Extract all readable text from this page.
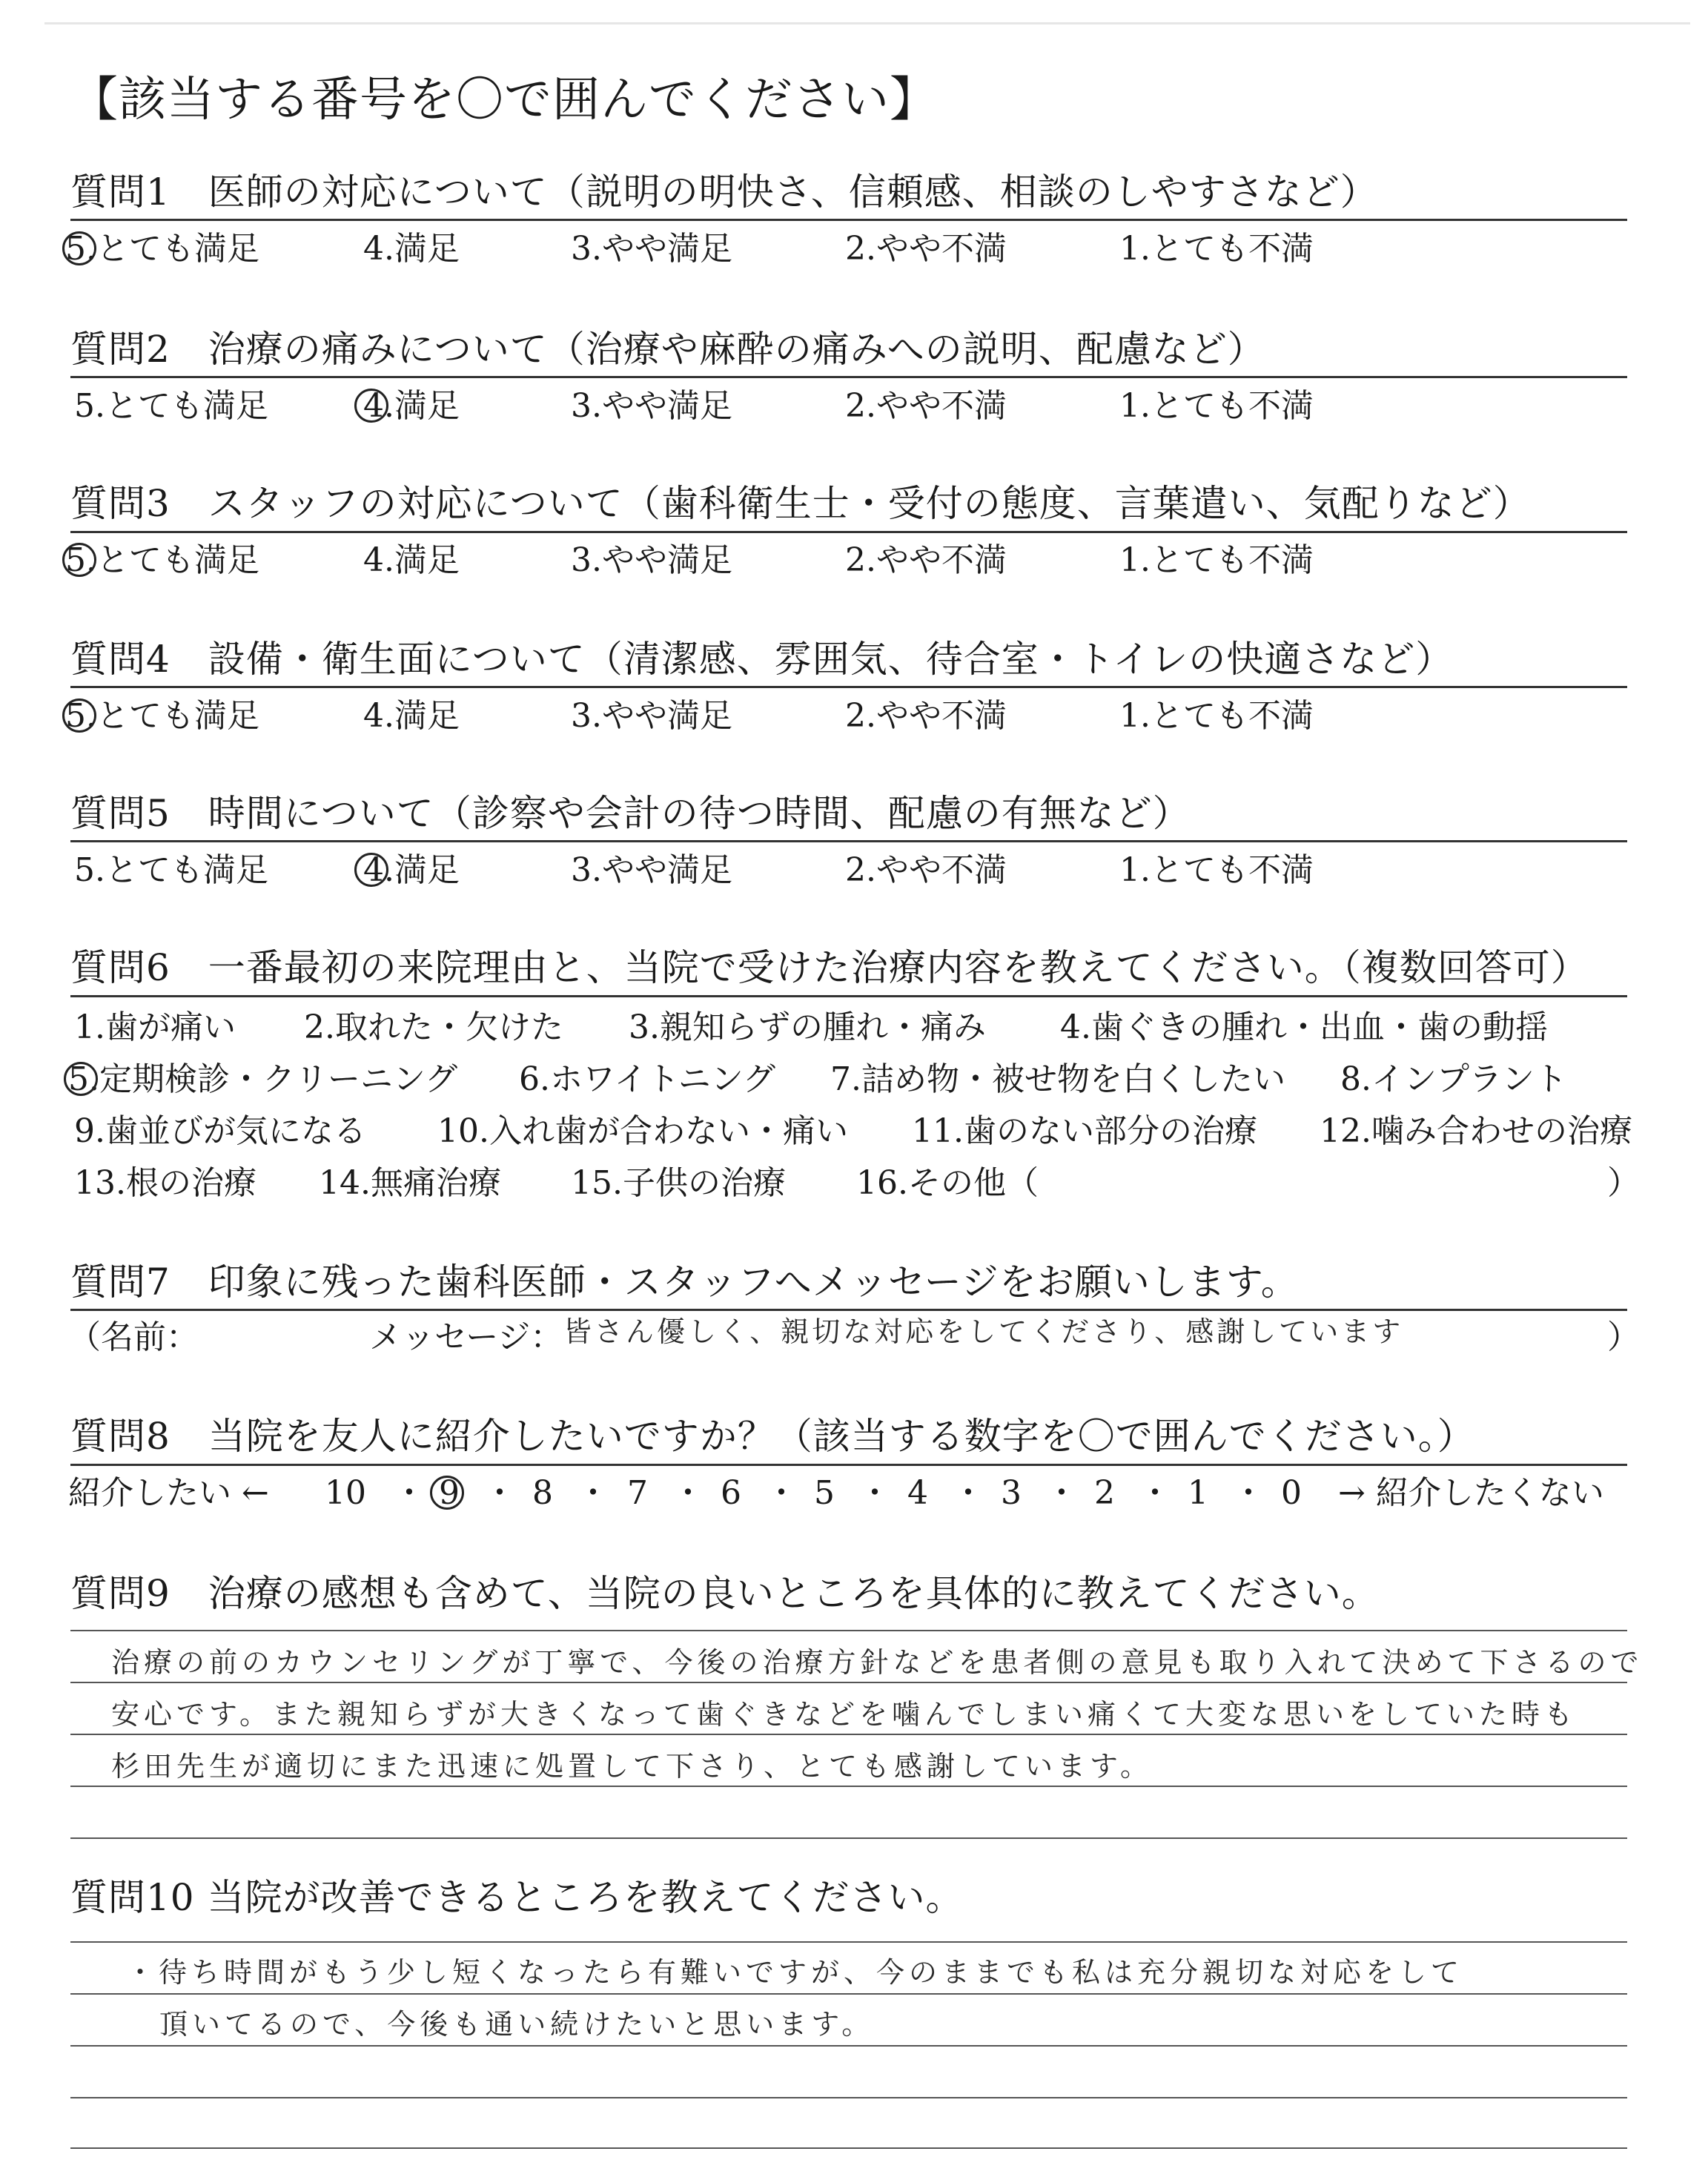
【該当する番号を〇で囲んでください】
質問1　医師の対応について（説明の明快さ、信頼感、相談のしやすさなど）
5.とても満足	4.満足	3.やや満足	2.やや不満	1.とても不満
質問2　治療の痛みについて（治療や麻酔の痛みへの説明、配慮など）
5.とても満足	4.満足	3.やや満足	2.やや不満	1.とても不満
質問3　スタッフの対応について（歯科衛生士・受付の態度、言葉遣い、気配りなど）
5.とても満足	4.満足	3.やや満足	2.やや不満	1.とても不満
質問4　設備・衛生面について（清潔感、雰囲気、待合室・トイレの快適さなど）
5.とても満足	4.満足	3.やや満足	2.やや不満	1.とても不満
質問5　時間について（診察や会計の待つ時間、配慮の有無など）
5.とても満足	4.満足	3.やや満足	2.やや不満	1.とても不満
質問6　一番最初の来院理由と、当院で受けた治療内容を教えてください。（複数回答可）
1.歯が痛い 2.取れた・欠けた 3.親知らずの腫れ・痛み 4.歯ぐきの腫れ・出血・歯の動揺
5.定期検診・クリーニング 6.ホワイトニング 7.詰め物・被せ物を白くしたい 8.インプラント
9.歯並びが気になる 10.入れ歯が合わない・痛い 11.歯のない部分の治療 12.噛み合わせの治療
13.根の治療 14.無痛治療 15.子供の治療 16.その他（	）
質問7　印象に残った歯科医師・スタッフへメッセージをお願いします。
（名前：	メッセージ： 皆さん優しく、親切な対応をしてくださり、感謝しています	）
質問8　当院を友人に紹介したいですか？（該当する数字を〇で囲んでください。）
紹介したい ←	→ 紹介したくない
10 ・ 9 ・ 8 ・ 7 ・ 6 ・ 5 ・ 4 ・ 3 ・ 2 ・ 1 ・ 0
質問9　治療の感想も含めて、当院の良いところを具体的に教えてください。
治療の前のカウンセリングが丁寧で、今後の治療方針などを患者側の意見も取り入れて決めて下さるので
安心です。また親知らずが大きくなって歯ぐきなどを噛んでしまい痛くて大変な思いをしていた時も
杉田先生が適切にまた迅速に処置して下さり、とても感謝しています。
質問10 当院が改善できるところを教えてください。
・待ち時間がもう少し短くなったら有難いですが、今のままでも私は充分親切な対応をして
頂いてるので、今後も通い続けたいと思います。
